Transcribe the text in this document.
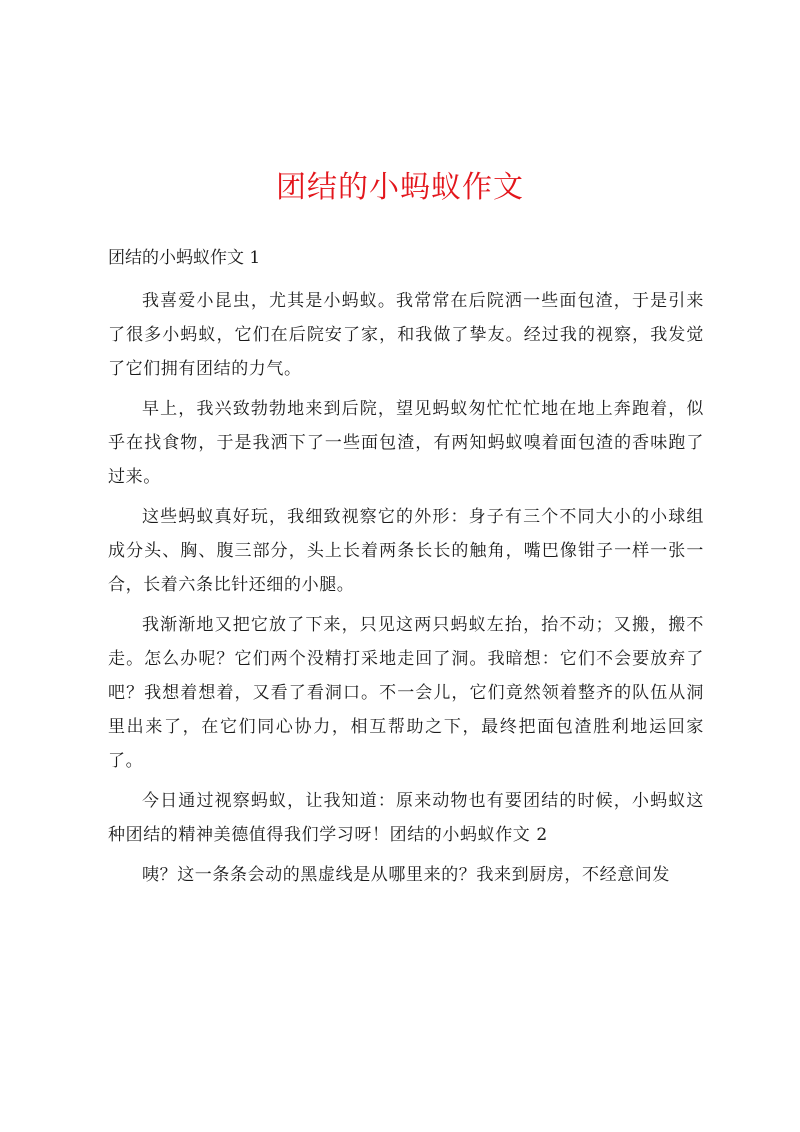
团结的小蚂蚁作文
团结的小蚂蚁作文 1

我喜爱小昆虫，尤其是小蚂蚁。我常常在后院洒一些面包渣，于是引来了很多小蚂蚁，它们在后院安了家，和我做了挚友。经过我的视察，我发觉了它们拥有团结的力气。

早上，我兴致勃勃地来到后院，望见蚂蚁匆忙忙忙地在地上奔跑着，似乎在找食物，于是我洒下了一些面包渣，有两知蚂蚁嗅着面包渣的香味跑了过来。

这些蚂蚁真好玩，我细致视察它的外形：身子有三个不同大小的小球组成分头、胸、腹三部分，头上长着两条长长的触角，嘴巴像钳子一样一张一合，长着六条比针还细的小腿。

我渐渐地又把它放了下来，只见这两只蚂蚁左抬，抬不动；又搬，搬不走。怎么办呢？它们两个没精打采地走回了洞。我暗想：它们不会要放弃了吧？我想着想着，又看了看洞口。不一会儿，它们竟然领着整齐的队伍从洞里出来了，在它们同心协力，相互帮助之下，最终把面包渣胜利地运回家了。

今日通过视察蚂蚁，让我知道：原来动物也有要团结的时候，小蚂蚁这种团结的精神美德值得我们学习呀！团结的小蚂蚁作文 2

咦？这一条条会动的黑虚线是从哪里来的？我来到厨房，不经意间发
